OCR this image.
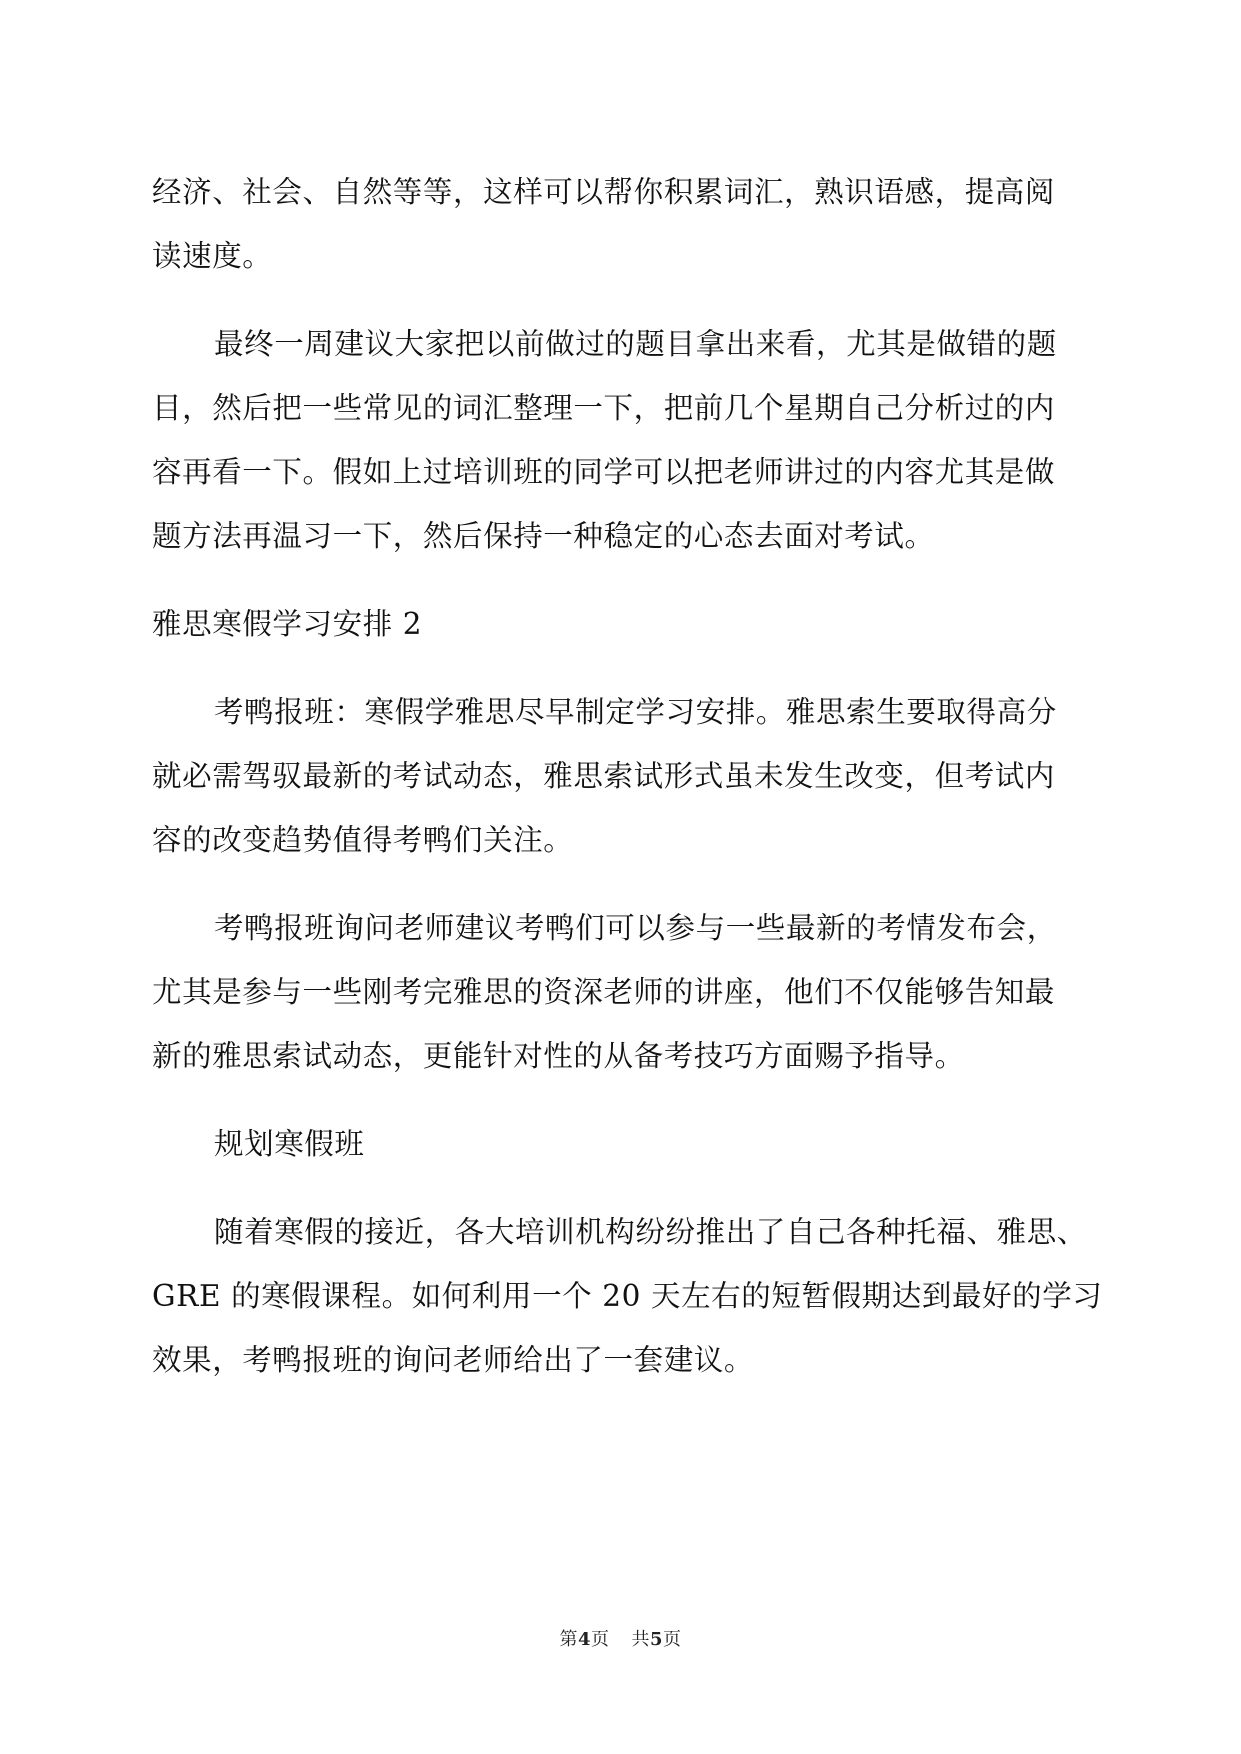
经济、社会、自然等等，这样可以帮你积累词汇，熟识语感，提高阅
读速度。
最终一周建议大家把以前做过的题目拿出来看，尤其是做错的题
目，然后把一些常见的词汇整理一下，把前几个星期自己分析过的内
容再看一下。假如上过培训班的同学可以把老师讲过的内容尤其是做
题方法再温习一下，然后保持一种稳定的心态去面对考试。
雅思寒假学习安排 2
考鸭报班：寒假学雅思尽早制定学习安排。雅思索生要取得高分
就必需驾驭最新的考试动态，雅思索试形式虽未发生改变，但考试内
容的改变趋势值得考鸭们关注。
考鸭报班询问老师建议考鸭们可以参与一些最新的考情发布会，
尤其是参与一些刚考完雅思的资深老师的讲座，他们不仅能够告知最
新的雅思索试动态，更能针对性的从备考技巧方面赐予指导。
规划寒假班
随着寒假的接近，各大培训机构纷纷推出了自己各种托福、雅思、
GRE 的寒假课程。如何利用一个 20 天左右的短暂假期达到最好的学习
效果，考鸭报班的询问老师给出了一套建议。
第4页 共5页
